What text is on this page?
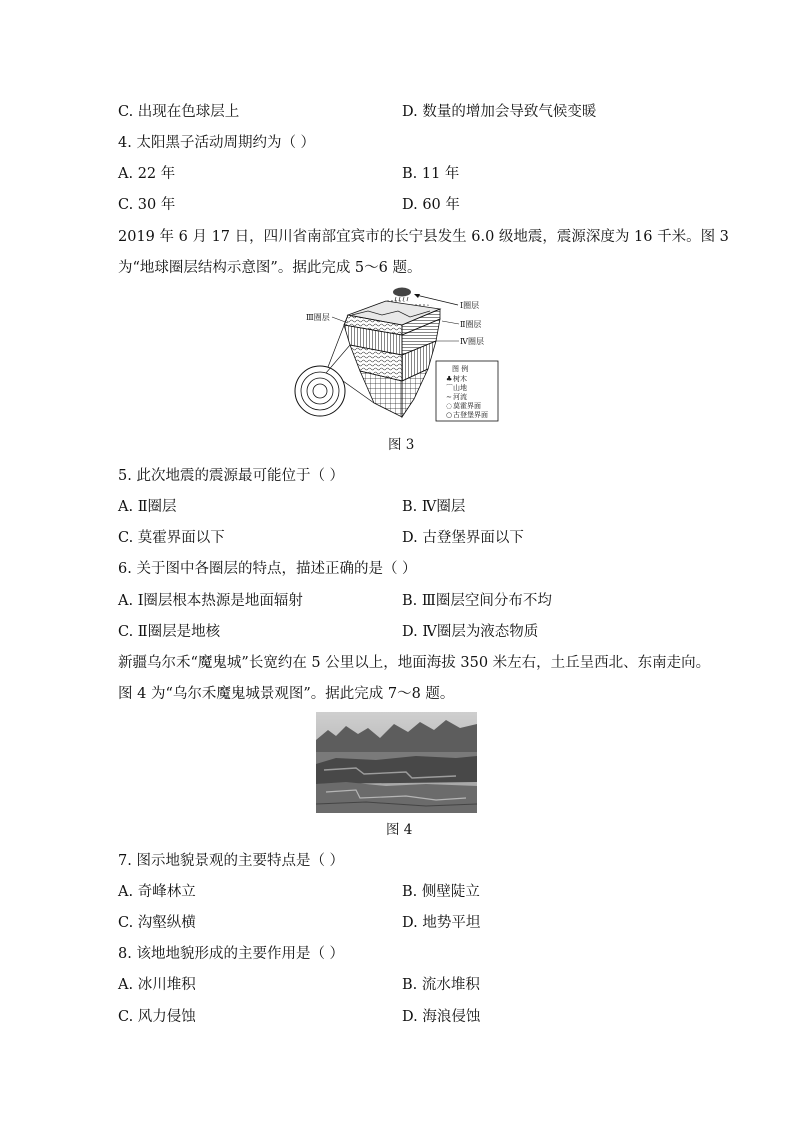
C. 出现在色球层上	D. 数量的增加会导致气候变暖
4. 太阳黑子活动周期约为（ ）
A. 22 年	B. 11 年
C. 30 年	D. 60 年
2019 年 6 月 17 日，四川省南部宜宾市的长宁县发生 6.0 级地震，震源深度为 16 千米。图 3
为“地球圈层结构示意图”。据此完成 5～6 题。
Ⅲ圈层
Ⅰ圈层
Ⅱ圈层
Ⅳ圈层
图 例
♣ 树木
⌒ 山地
∼ 河流
◌ 莫霍界面
○ 古登堡界面
图 3
5. 此次地震的震源最可能位于（ ）
A. Ⅱ圈层	B. Ⅳ圈层
C. 莫霍界面以下	D. 古登堡界面以下
6. 关于图中各圈层的特点，描述正确的是（ ）
A. Ⅰ圈层根本热源是地面辐射	B. Ⅲ圈层空间分布不均
C. Ⅱ圈层是地核	D. Ⅳ圈层为液态物质
新疆乌尔禾“魔鬼城”长宽约在 5 公里以上，地面海拔 350 米左右，土丘呈西北、东南走向。
图 4 为“乌尔禾魔鬼城景观图”。据此完成 7～8 题。
图 4
7. 图示地貌景观的主要特点是（ ）
A. 奇峰林立	B. 侧壁陡立
C. 沟壑纵横	D. 地势平坦
8. 该地地貌形成的主要作用是（ ）
A. 冰川堆积	B. 流水堆积
C. 风力侵蚀	D. 海浪侵蚀
